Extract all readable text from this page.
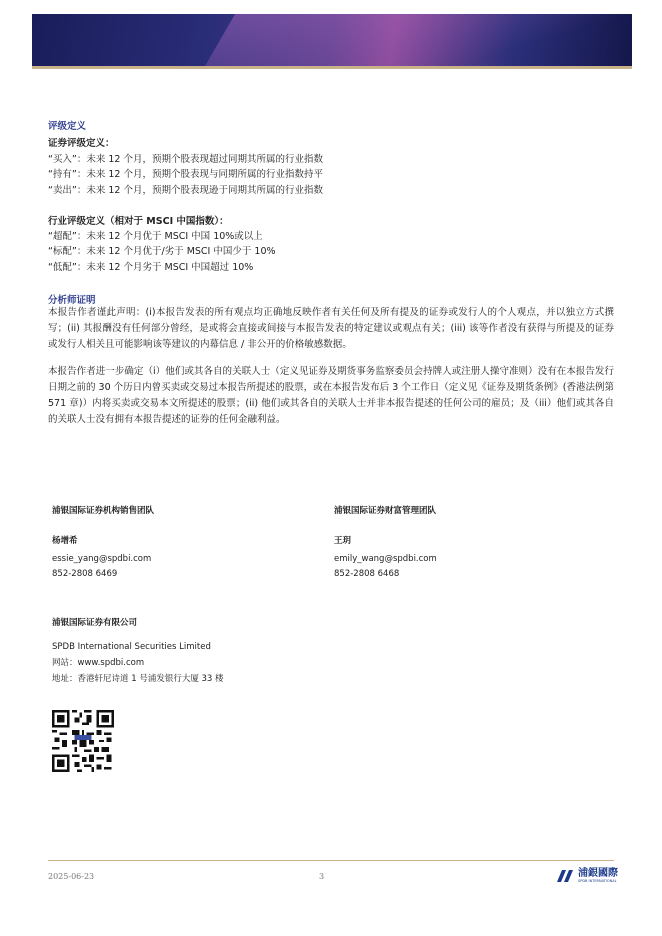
评级定义
证券评级定义：
“买入”：未来 12 个月，预期个股表现超过同期其所属的行业指数
“持有”：未来 12 个月，预期个股表现与同期所属的行业指数持平
“卖出”：未来 12 个月，预期个股表现逊于同期其所属的行业指数
行业评级定义（相对于 MSCI 中国指数）：
“超配”：未来 12 个月优于 MSCI 中国 10%或以上
“标配”：未来 12 个月优于/劣于 MSCI 中国少于 10%
“低配”：未来 12 个月劣于 MSCI 中国超过 10%
分析师证明
本报告作者谨此声明：(i)本报告发表的所有观点均正确地反映作者有关任何及所有提及的证券或发行人的个人观点，并以独立方式撰写；(ii) 其报酬没有任何部分曾经，是或将会直接或间接与本报告发表的特定建议或观点有关；(iii) 该等作者没有获得与所提及的证券或发行人相关且可能影响该等建议的内幕信息 / 非公开的价格敏感数据。
本报告作者进一步确定（i）他们或其各自的关联人士（定义见证券及期货事务监察委员会持牌人或注册人操守准则）没有在本报告发行日期之前的 30 个历日内曾买卖或交易过本报告所提述的股票，或在本报告发布后 3 个工作日（定义见《证券及期货条例》(香港法例第 571 章)）内将买卖或交易本文所提述的股票；(ii) 他们或其各自的关联人士并非本报告提述的任何公司的雇员；及（iii）他们或其各自的关联人士没有拥有本报告提述的证券的任何金融利益。
浦银国际证券机构销售团队
杨增希
essie_yang@spdbi.com
852-2808 6469
浦银国际证券财富管理团队
王玥
emily_wang@spdbi.com
852-2808 6468
浦银国际证券有限公司
SPDB International Securities Limited
网站：www.spdbi.com
地址：香港轩尼诗道 1 号浦发银行大厦 33 楼
2025-06-23	3	浦銀國際
SPDB INTERNATIONAL
